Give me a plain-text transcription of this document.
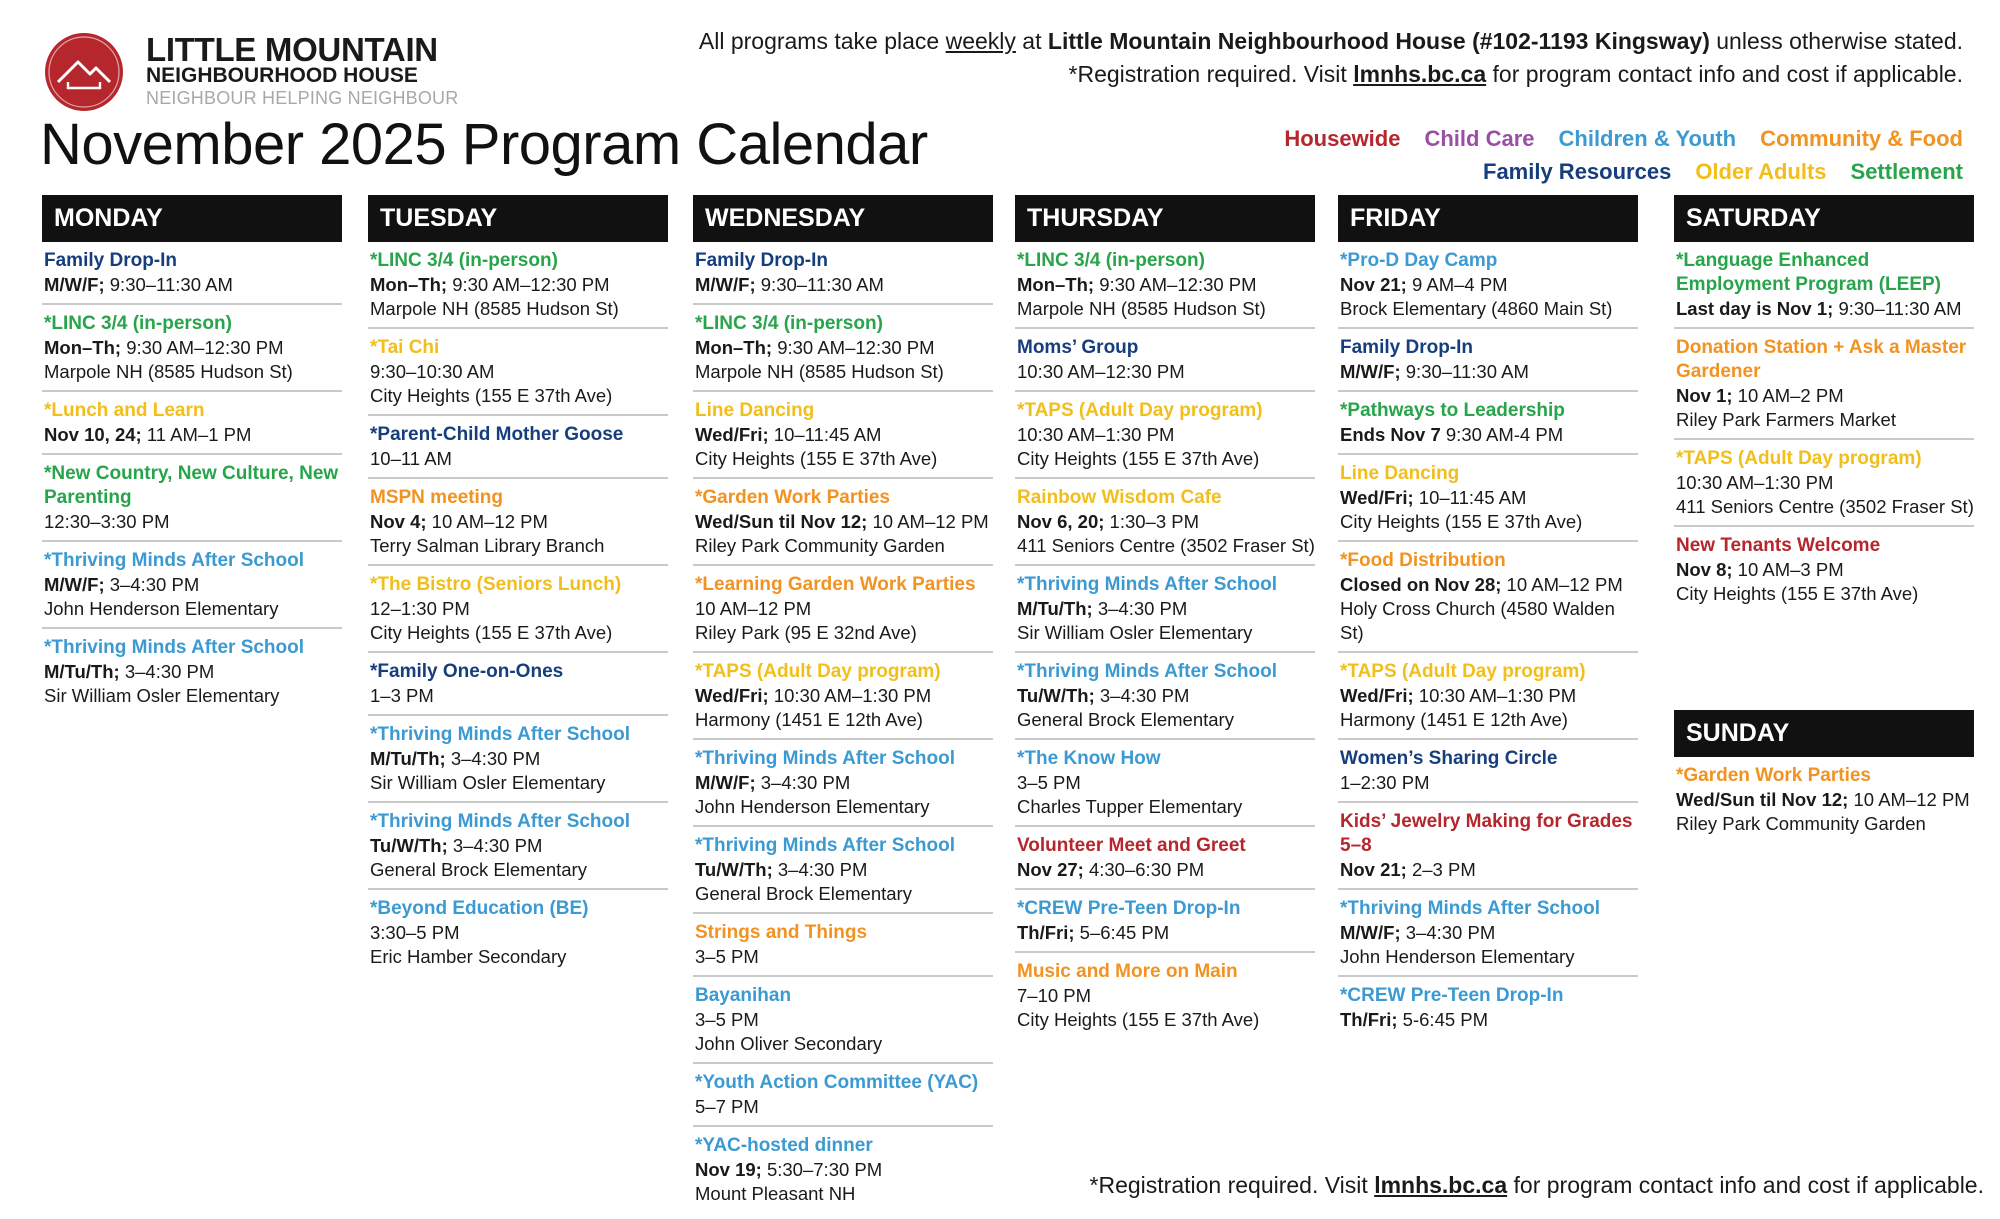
LITTLE MOUNTAIN
NEIGHBOURHOOD HOUSE
NEIGHBOUR HELPING NEIGHBOUR
November 2025 Program Calendar
All programs take place weekly at Little Mountain Neighbourhood House (#102-1193 Kingsway) unless otherwise stated.
*Registration required. Visit lmnhs.bc.ca for program contact info and cost if applicable.
Housewide Child Care Children & Youth Community & Food
Family Resources Older Adults Settlement
MONDAY
Family Drop-In
M/W/F; 9:30–11:30 AM
*LINC 3/4 (in-person)
Mon–Th; 9:30 AM–12:30 PM
Marpole NH (8585 Hudson St)
*Lunch and Learn
Nov 10, 24; 11 AM–1 PM
*New Country, New Culture, New Parenting
12:30–3:30 PM
*Thriving Minds After School
M/W/F; 3–4:30 PM
John Henderson Elementary
*Thriving Minds After School
M/Tu/Th; 3–4:30 PM
Sir William Osler Elementary
TUESDAY
*LINC 3/4 (in-person)
Mon–Th; 9:30 AM–12:30 PM
Marpole NH (8585 Hudson St)
*Tai Chi
9:30–10:30 AM
City Heights (155 E 37th Ave)
*Parent-Child Mother Goose
10–11 AM
MSPN meeting
Nov 4; 10 AM–12 PM
Terry Salman Library Branch
*The Bistro (Seniors Lunch)
12–1:30 PM
City Heights (155 E 37th Ave)
*Family One-on-Ones
1–3 PM
*Thriving Minds After School
M/Tu/Th; 3–4:30 PM
Sir William Osler Elementary
*Thriving Minds After School
Tu/W/Th; 3–4:30 PM
General Brock Elementary
*Beyond Education (BE)
3:30–5 PM
Eric Hamber Secondary
WEDNESDAY
Family Drop-In
M/W/F; 9:30–11:30 AM
*LINC 3/4 (in-person)
Mon–Th; 9:30 AM–12:30 PM
Marpole NH (8585 Hudson St)
Line Dancing
Wed/Fri; 10–11:45 AM
City Heights (155 E 37th Ave)
*Garden Work Parties
Wed/Sun til Nov 12; 10 AM–12 PM
Riley Park Community Garden
*Learning Garden Work Parties
10 AM–12 PM
Riley Park (95 E 32nd Ave)
*TAPS (Adult Day program)
Wed/Fri; 10:30 AM–1:30 PM
Harmony (1451 E 12th Ave)
*Thriving Minds After School
M/W/F; 3–4:30 PM
John Henderson Elementary
*Thriving Minds After School
Tu/W/Th; 3–4:30 PM
General Brock Elementary
Strings and Things
3–5 PM
Bayanihan
3–5 PM
John Oliver Secondary
*Youth Action Committee (YAC)
5–7 PM
*YAC-hosted dinner
Nov 19; 5:30–7:30 PM
Mount Pleasant NH
THURSDAY
*LINC 3/4 (in-person)
Mon–Th; 9:30 AM–12:30 PM
Marpole NH (8585 Hudson St)
Moms’ Group
10:30 AM–12:30 PM
*TAPS (Adult Day program)
10:30 AM–1:30 PM
City Heights (155 E 37th Ave)
Rainbow Wisdom Cafe
Nov 6, 20; 1:30–3 PM
411 Seniors Centre (3502 Fraser St)
*Thriving Minds After School
M/Tu/Th; 3–4:30 PM
Sir William Osler Elementary
*Thriving Minds After School
Tu/W/Th; 3–4:30 PM
General Brock Elementary
*The Know How
3–5 PM
Charles Tupper Elementary
Volunteer Meet and Greet
Nov 27; 4:30–6:30 PM
*CREW Pre-Teen Drop-In
Th/Fri; 5–6:45 PM
Music and More on Main
7–10 PM
City Heights (155 E 37th Ave)
FRIDAY
*Pro-D Day Camp
Nov 21; 9 AM–4 PM
Brock Elementary (4860 Main St)
Family Drop-In
M/W/F; 9:30–11:30 AM
*Pathways to Leadership
Ends Nov 7 9:30 AM-4 PM
Line Dancing
Wed/Fri; 10–11:45 AM
City Heights (155 E 37th Ave)
*Food Distribution
Closed on Nov 28; 10 AM–12 PM
Holy Cross Church (4580 Walden St)
*TAPS (Adult Day program)
Wed/Fri; 10:30 AM–1:30 PM
Harmony (1451 E 12th Ave)
Women’s Sharing Circle
1–2:30 PM
Kids’ Jewelry Making for Grades 5–8
Nov 21; 2–3 PM
*Thriving Minds After School
M/W/F; 3–4:30 PM
John Henderson Elementary
*CREW Pre-Teen Drop-In
Th/Fri; 5-6:45 PM
SATURDAY
*Language Enhanced Employment Program (LEEP)
Last day is Nov 1; 9:30–11:30 AM
Donation Station + Ask a Master Gardener
Nov 1; 10 AM–2 PM
Riley Park Farmers Market
*TAPS (Adult Day program)
10:30 AM–1:30 PM
411 Seniors Centre (3502 Fraser St)
New Tenants Welcome
Nov 8; 10 AM–3 PM
City Heights (155 E 37th Ave)
SUNDAY
*Garden Work Parties
Wed/Sun til Nov 12; 10 AM–12 PM
Riley Park Community Garden
*Registration required. Visit lmnhs.bc.ca for program contact info and cost if applicable.
